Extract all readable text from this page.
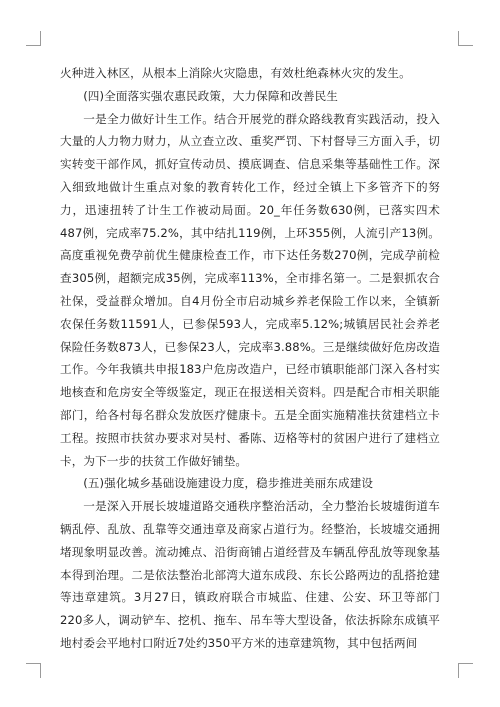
火种进入林区，从根本上消除火灾隐患，有效杜绝森林火灾的发生。

(四)全面落实强农惠民政策，大力保障和改善民生

一是全力做好计生工作。结合开展党的群众路线教育实践活动，投入大量的人力物力财力，从立查立改、重奖严罚、下村督导三方面入手，切实转变干部作风，抓好宣传动员、摸底调查、信息采集等基础性工作。深入细致地做计生重点对象的教育转化工作，经过全镇上下多管齐下的努力，迅速扭转了计生工作被动局面。20_年任务数630例，已落实四术487例，完成率75.2%，其中结扎119例，上环355例，人流引产13例。高度重视免费孕前优生健康检查工作，市下达任务数270例，完成孕前检查305例，超额完成35例，完成率113%，全市排名第一。二是狠抓农合社保，受益群众增加。自4月份全市启动城乡养老保险工作以来，全镇新农保任务数11591人，已参保593人，完成率5.12%;城镇居民社会养老保险任务数873人，已参保23人，完成率3.88%。三是继续做好危房改造工作。今年我镇共申报183户危房改造户，已经市镇职能部门深入各村实地核查和危房安全等级鉴定，现正在报送相关资料。四是配合市相关职能部门，给各村每名群众发放医疗健康卡。五是全面实施精准扶贫建档立卡工程。按照市扶贫办要求对吴村、番陈、迈格等村的贫困户进行了建档立卡，为下一步的扶贫工作做好铺垫。

(五)强化城乡基础设施建设力度，稳步推进美丽东成建设

一是深入开展长坡墟道路交通秩序整治活动，全力整治长坡墟街道车辆乱停、乱放、乱靠等交通违章及商家占道行为。经整治，长坡墟交通拥堵现象明显改善。流动摊点、沿街商铺占道经营及车辆乱停乱放等现象基本得到治理。二是依法整治北部湾大道东成段、东长公路两边的乱搭抢建等违章建筑。3月27日，镇政府联合市城监、住建、公安、环卫等部门220多人，调动铲车、挖机、拖车、吊车等大型设备，依法拆除东成镇平地村委会平地村口附近7处约350平方米的违章建筑物，其中包括两间
